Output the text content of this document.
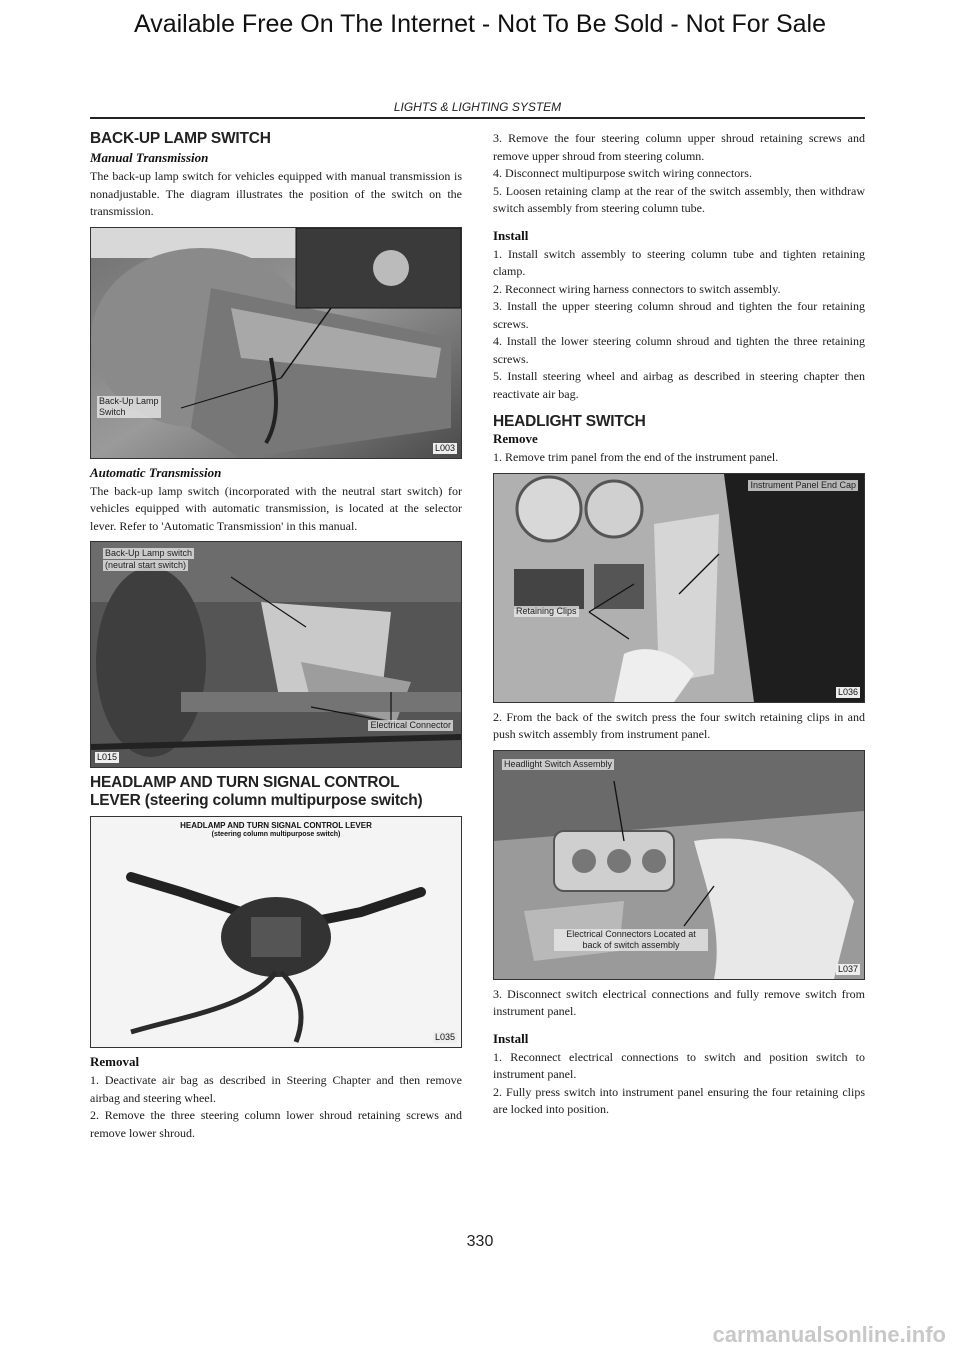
Available Free On The Internet - Not To Be Sold - Not For Sale
LIGHTS & LIGHTING SYSTEM
BACK-UP LAMP SWITCH
Manual Transmission

The back-up lamp switch for vehicles equipped with manual transmission is nonadjustable. The diagram illustrates the position of the switch on the transmission.

Back-Up Lamp Switch
L003
Automatic Transmission

The back-up lamp switch (incorporated with the neutral start switch) for vehicles equipped with automatic transmission, is located at the selector lever. Refer to 'Automatic Transmission' in this manual.

Back-Up Lamp switch
(neutral start switch)
Electrical Connector
L015
HEADLAMP AND TURN SIGNAL CONTROL
LEVER (steering column multipurpose switch)
HEADLAMP AND TURN SIGNAL CONTROL LEVER
(steering column multipurpose switch)
L035
Removal

1. Deactivate air bag as described in Steering Chapter and then remove airbag and steering wheel.

2. Remove the three steering column lower shroud retaining screws and remove lower shroud.

3. Remove the four steering column upper shroud retaining screws and remove upper shroud from steering column.

4. Disconnect multipurpose switch wiring connectors.

5. Loosen retaining clamp at the rear of the switch assembly, then withdraw switch assembly from steering column tube.

Install

1. Install switch assembly to steering column tube and tighten retaining clamp.

2. Reconnect wiring harness connectors to switch assembly.

3. Install the upper steering column shroud and tighten the four retaining screws.

4. Install the lower steering column shroud and tighten the three retaining screws.

5. Install steering wheel and airbag as described in steering chapter then reactivate air bag.

HEADLIGHT SWITCH
Remove

1. Remove trim panel from the end of the instrument panel.

Instrument Panel End Cap
Retaining Clips
L036

2. From the back of the switch press the four switch retaining clips in and push switch assembly from instrument panel.

Headlight Switch Assembly
Electrical Connectors Located at back of switch assembly
L037

3. Disconnect switch electrical connections and fully remove switch from instrument panel.

Install

1. Reconnect electrical connections to switch and position switch to instrument panel.

2. Fully press switch into instrument panel ensuring the four retaining clips are locked into position.

330
carmanualsonline.info
